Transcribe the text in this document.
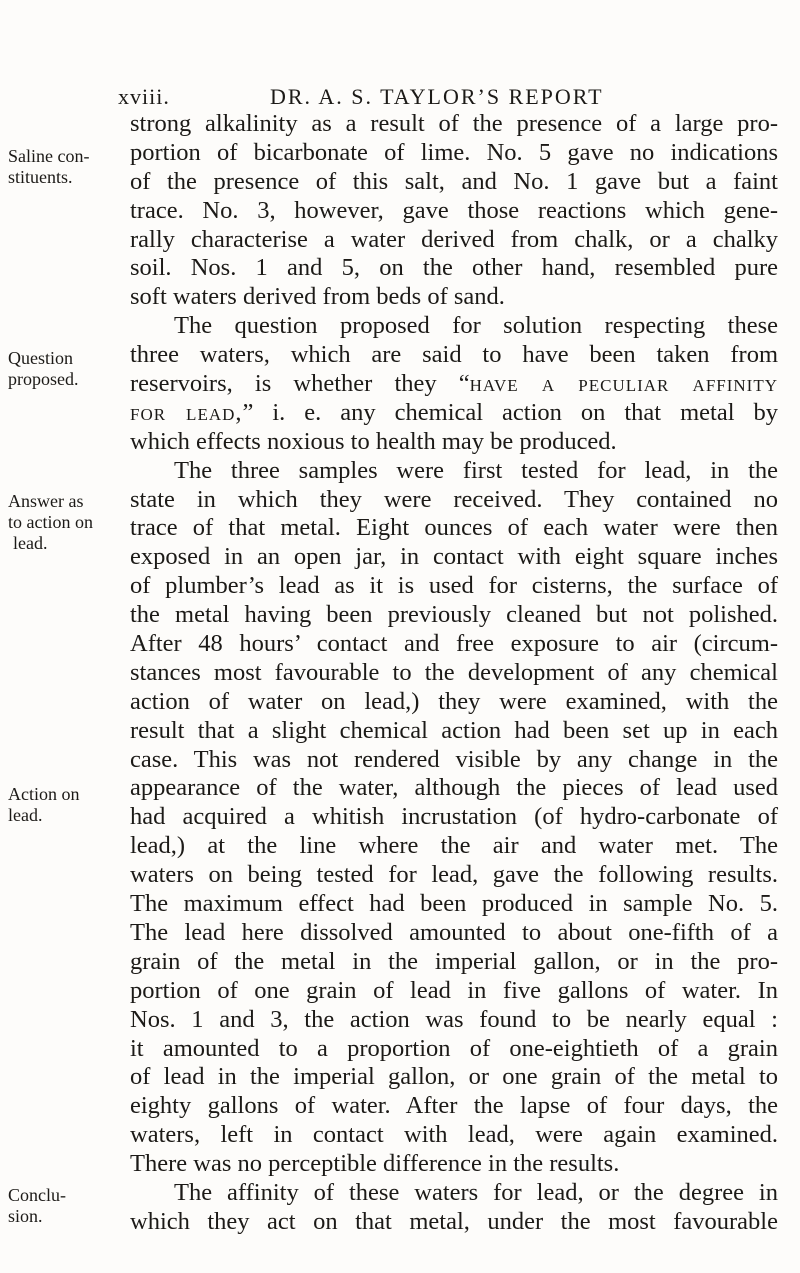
xviii.	DR. A. S. TAYLOR’S REPORT
Saline con-
stituents.
Question
proposed.
Answer as
to action on
lead.
Action on
lead.
Conclu-
sion.
strong alkalinity as a result of the presence of a large pro-
portion of bicarbonate of lime. No. 5 gave no indications
of the presence of this salt, and No. 1 gave but a faint
trace. No. 3, however, gave those reactions which gene-
rally characterise a water derived from chalk, or a chalky
soil. Nos. 1 and 5, on the other hand, resembled pure
soft waters derived from beds of sand.
The question proposed for solution respecting these
three waters, which are said to have been taken from
reservoirs, is whether they “have a peculiar affinity
for lead,” i. e. any chemical action on that metal by
which effects noxious to health may be produced.
The three samples were first tested for lead, in the
state in which they were received. They contained no
trace of that metal. Eight ounces of each water were then
exposed in an open jar, in contact with eight square inches
of plumber’s lead as it is used for cisterns, the surface of
the metal having been previously cleaned but not polished.
After 48 hours’ contact and free exposure to air (circum-
stances most favourable to the development of any chemical
action of water on lead,) they were examined, with the
result that a slight chemical action had been set up in each
case. This was not rendered visible by any change in the
appearance of the water, although the pieces of lead used
had acquired a whitish incrustation (of hydro-carbonate of
lead,) at the line where the air and water met. The
waters on being tested for lead, gave the following results.
The maximum effect had been produced in sample No. 5.
The lead here dissolved amounted to about one-fifth of a
grain of the metal in the imperial gallon, or in the pro-
portion of one grain of lead in five gallons of water. In
Nos. 1 and 3, the action was found to be nearly equal :
it amounted to a proportion of one-eightieth of a grain
of lead in the imperial gallon, or one grain of the metal to
eighty gallons of water. After the lapse of four days, the
waters, left in contact with lead, were again examined.
There was no perceptible difference in the results.
The affinity of these waters for lead, or the degree in
which they act on that metal, under the most favourable
